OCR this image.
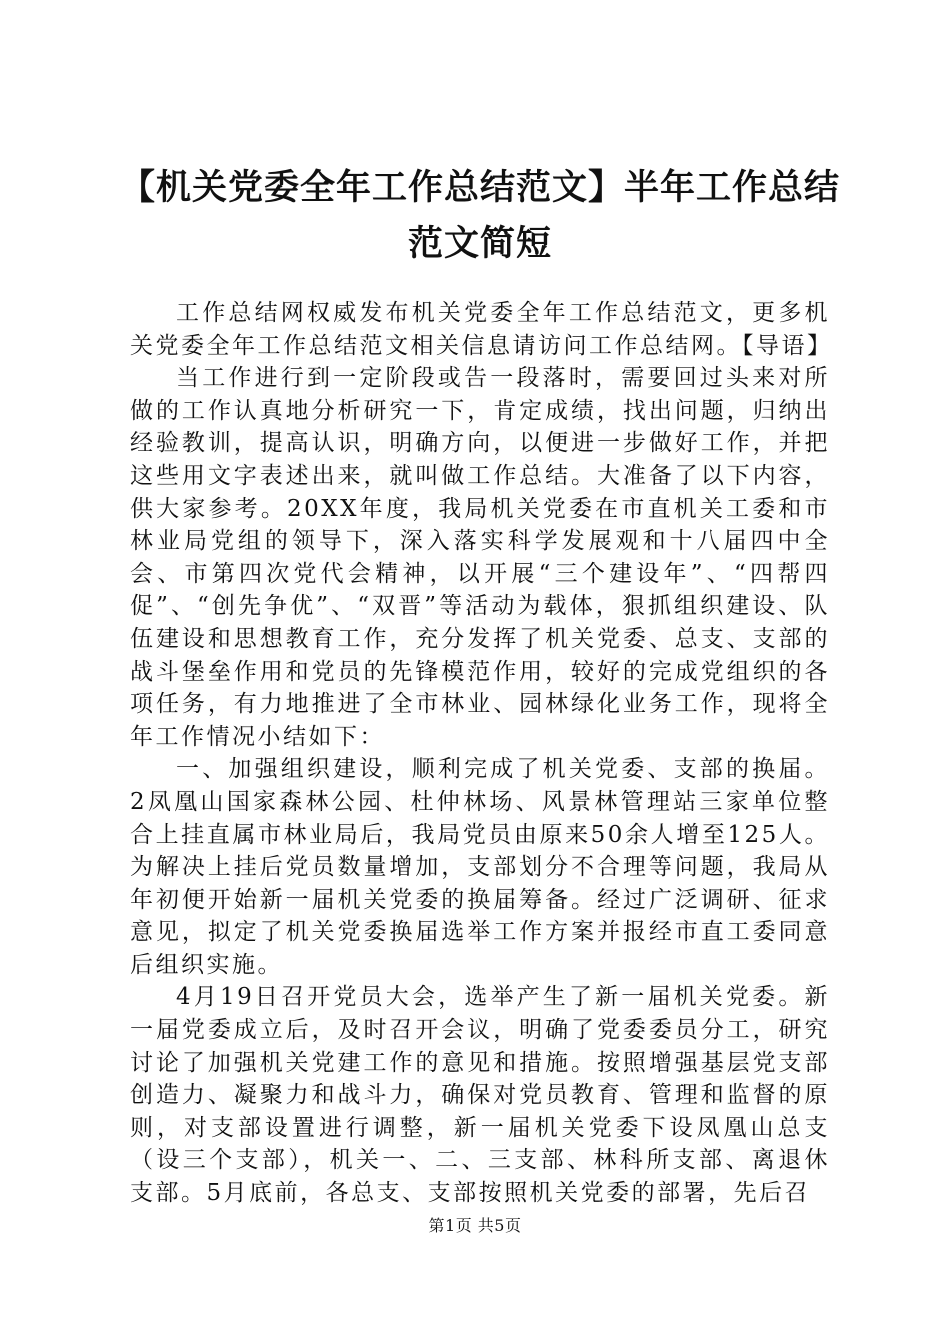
【机关党委全年工作总结范文】半年工作总结范文简短

工作总结网权威发布机关党委全年工作总结范文，更多机关党委全年工作总结范文相关信息请访问工作总结网。【导语】

当工作进行到一定阶段或告一段落时，需要回过头来对所做的工作认真地分析研究一下，肯定成绩，找出问题，归纳出经验教训，提高认识，明确方向，以便进一步做好工作，并把这些用文字表述出来，就叫做工作总结。大准备了以下内容，供大家参考。20XX年度，我局机关党委在市直机关工委和市林业局党组的领导下，深入落实科学发展观和十八届四中全会、市第四次党代会精神，以开展“三个建设年”、“四帮四促”、“创先争优”、“双晋”等活动为载体，狠抓组织建设、队伍建设和思想教育工作，充分发挥了机关党委、总支、支部的战斗堡垒作用和党员的先锋模范作用，较好的完成党组织的各项任务，有力地推进了全市林业、园林绿化业务工作，现将全年工作情况小结如下：

一、加强组织建设，顺利完成了机关党委、支部的换届。2凤凰山国家森林公园、杜仲林场、风景林管理站三家单位整合上挂直属市林业局后，我局党员由原来50余人增至125人。为解决上挂后党员数量增加，支部划分不合理等问题，我局从年初便开始新一届机关党委的换届筹备。经过广泛调研、征求意见，拟定了机关党委换届选举工作方案并报经市直工委同意后组织实施。

4月19日召开党员大会，选举产生了新一届机关党委。新一届党委成立后，及时召开会议，明确了党委委员分工，研究讨论了加强机关党建工作的意见和措施。按照增强基层党支部创造力、凝聚力和战斗力，确保对党员教育、管理和监督的原则，对支部设置进行调整，新一届机关党委下设凤凰山总支（设三个支部），机关一、二、三支部、林科所支部、离退休支部。5月底前，各总支、支部按照机关党委的部署，先后召

第1页 共5页
